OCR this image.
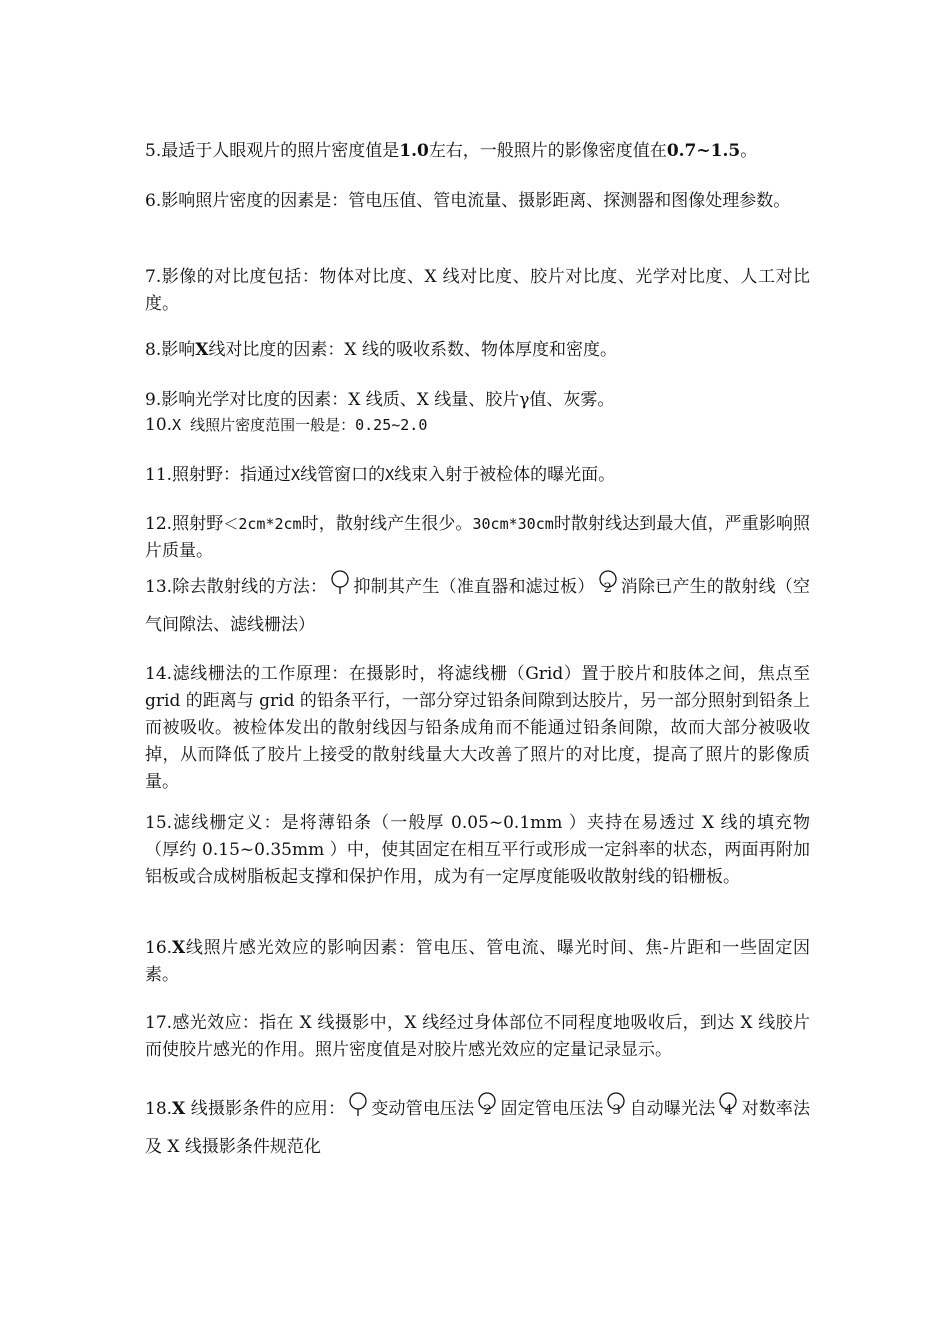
5.最适于人眼观片的照片密度值是1.0左右，一般照片的影像密度值在0.7~1.5。
6.影响照片密度的因素是：管电压值、管电流量、摄影距离、探测器和图像处理参数。
7.影像的对比度包括：物体对比度、X 线对比度、胶片对比度、光学对比度、人工对比度。
8.影响X线对比度的因素：X 线的吸收系数、物体厚度和密度。
9.影响光学对比度的因素：X 线质、X 线量、胶片γ值、灰雾。
10.X 线照片密度范围一般是：0.25~2.0
11.照射野：指通过X线管窗口的X线束入射于被检体的曝光面。
12.照射野＜2cm*2cm时，散射线产生很少。30cm*30cm时散射线达到最大值，严重影响照片质量。
13.除去散射线的方法： 抑制其产生（准直器和滤过板） 2 消除已产生的散射线（空气间隙法、滤线栅法）
14.滤线栅法的工作原理：在摄影时，将滤线栅（Grid）置于胶片和肢体之间，焦点至 grid 的距离与 grid 的铅条平行，一部分穿过铅条间隙到达胶片，另一部分照射到铅条上而被吸收。被检体发出的散射线因与铅条成角而不能通过铅条间隙，故而大部分被吸收掉，从而降低了胶片上接受的散射线量大大改善了照片的对比度，提高了照片的影像质量。
15.滤线栅定义：是将薄铅条（一般厚 0.05~0.1mm ）夹持在易透过 X 线的填充物（厚约 0.15~0.35mm ）中，使其固定在相互平行或形成一定斜率的状态，两面再附加铝板或合成树脂板起支撑和保护作用，成为有一定厚度能吸收散射线的铅栅板。
16.X线照片感光效应的影响因素：管电压、管电流、曝光时间、焦-片距和一些固定因素。
17.感光效应：指在 X 线摄影中，X 线经过身体部位不同程度地吸收后，到达 X 线胶片而使胶片感光的作用。照片密度值是对胶片感光效应的定量记录显示。
18.X 线摄影条件的应用： 变动管电压法 2 固定管电压法 3 自动曝光法 4 对数率法及 X 线摄影条件规范化
